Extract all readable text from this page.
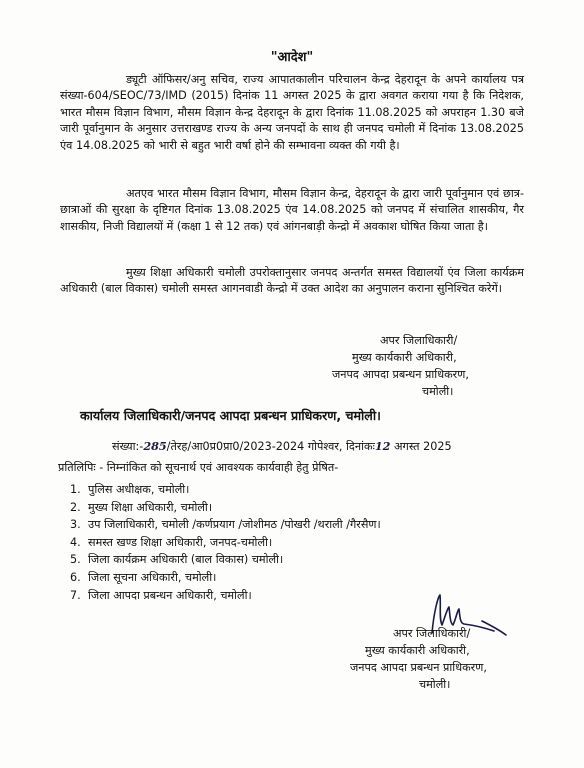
"आदेश"
ड्यूटी ऑफिसर/अनु सचिव, राज्य आपातकालीन परिचालन केन्द्र देहरादून के अपने कार्यालय पत्र संख्या-604/SEOC/73/IMD (2015) दिनांक 11 अगस्त 2025 के द्वारा अवगत कराया गया है कि निदेशक, भारत मौसम विज्ञान विभाग, मौसम विज्ञान केन्द्र देहरादून के द्वारा दिनांक 11.08.2025 को अपराहन 1.30 बजे जारी पूर्वानुमान के अनुसार उत्तराखण्ड राज्य के अन्य जनपदों के साथ ही जनपद चमोली में दिनांक 13.08.2025 एंव 14.08.2025 को भारी से बहुत भारी वर्षा होने की सम्भावना व्यक्त की गयी है।
अतएव भारत मौसम विज्ञान विभाग, मौसम विज्ञान केन्द्र, देहरादून के द्वारा जारी पूर्वानुमान एवं छात्र-छात्राओं की सुरक्षा के दृष्टिगत दिनांक 13.08.2025 एंव 14.08.2025 को जनपद में संचालित शासकीय, गैर शासकीय, निजी विद्यालयों में (कक्षा 1 से 12 तक) एवं आंगनबाड़ी केन्द्रो में अवकाश घोषित किया जाता है।
मुख्य शिक्षा अधिकारी चमोली उपरोक्तानुसार जनपद अन्तर्गत समस्त विद्यालयों एंव जिला कार्यक्रम अधिकारी (बाल विकास) चमोली समस्त आगनवाडी केन्द्रो में उक्त आदेश का अनुपालन कराना सुनिश्चित करेगें।
अपर जिलाधिकारी/
मुख्य कार्यकारी अधिकारी,
जनपद आपदा प्रबन्धन प्राधिकरण,
चमोली।
कार्यालय जिलाधिकारी/जनपद आपदा प्रबन्धन प्राधिकरण, चमोली।
संख्या:-285/तेरह/आ0प्र0प्रा0/2023-2024 गोपेश्वर, दिनांकः12 अगस्त 2025
प्रतिलिपिः - निम्नांकित को सूचनार्थ एवं आवश्यक कार्यवाही हेतु प्रेषित-
1. पुलिस अधीक्षक, चमोली।
2. मुख्य शिक्षा अधिकारी, चमोली।
3. उप जिलाधिकारी, चमोली /कर्णप्रयाग /जोशीमठ /पोखरी /थराली /गैरसैण।
4. समस्त खण्ड शिक्षा अधिकारी, जनपद-चमोली।
5. जिला कार्यक्रम अधिकारी (बाल विकास) चमोली।
6. जिला सूचना अधिकारी, चमोली।
7. जिला आपदा प्रबन्धन अधिकारी, चमोली।
अपर जिलाधिकारी/
मुख्य कार्यकारी अधिकारी,
जनपद आपदा प्रबन्धन प्राधिकरण,
चमोली।
